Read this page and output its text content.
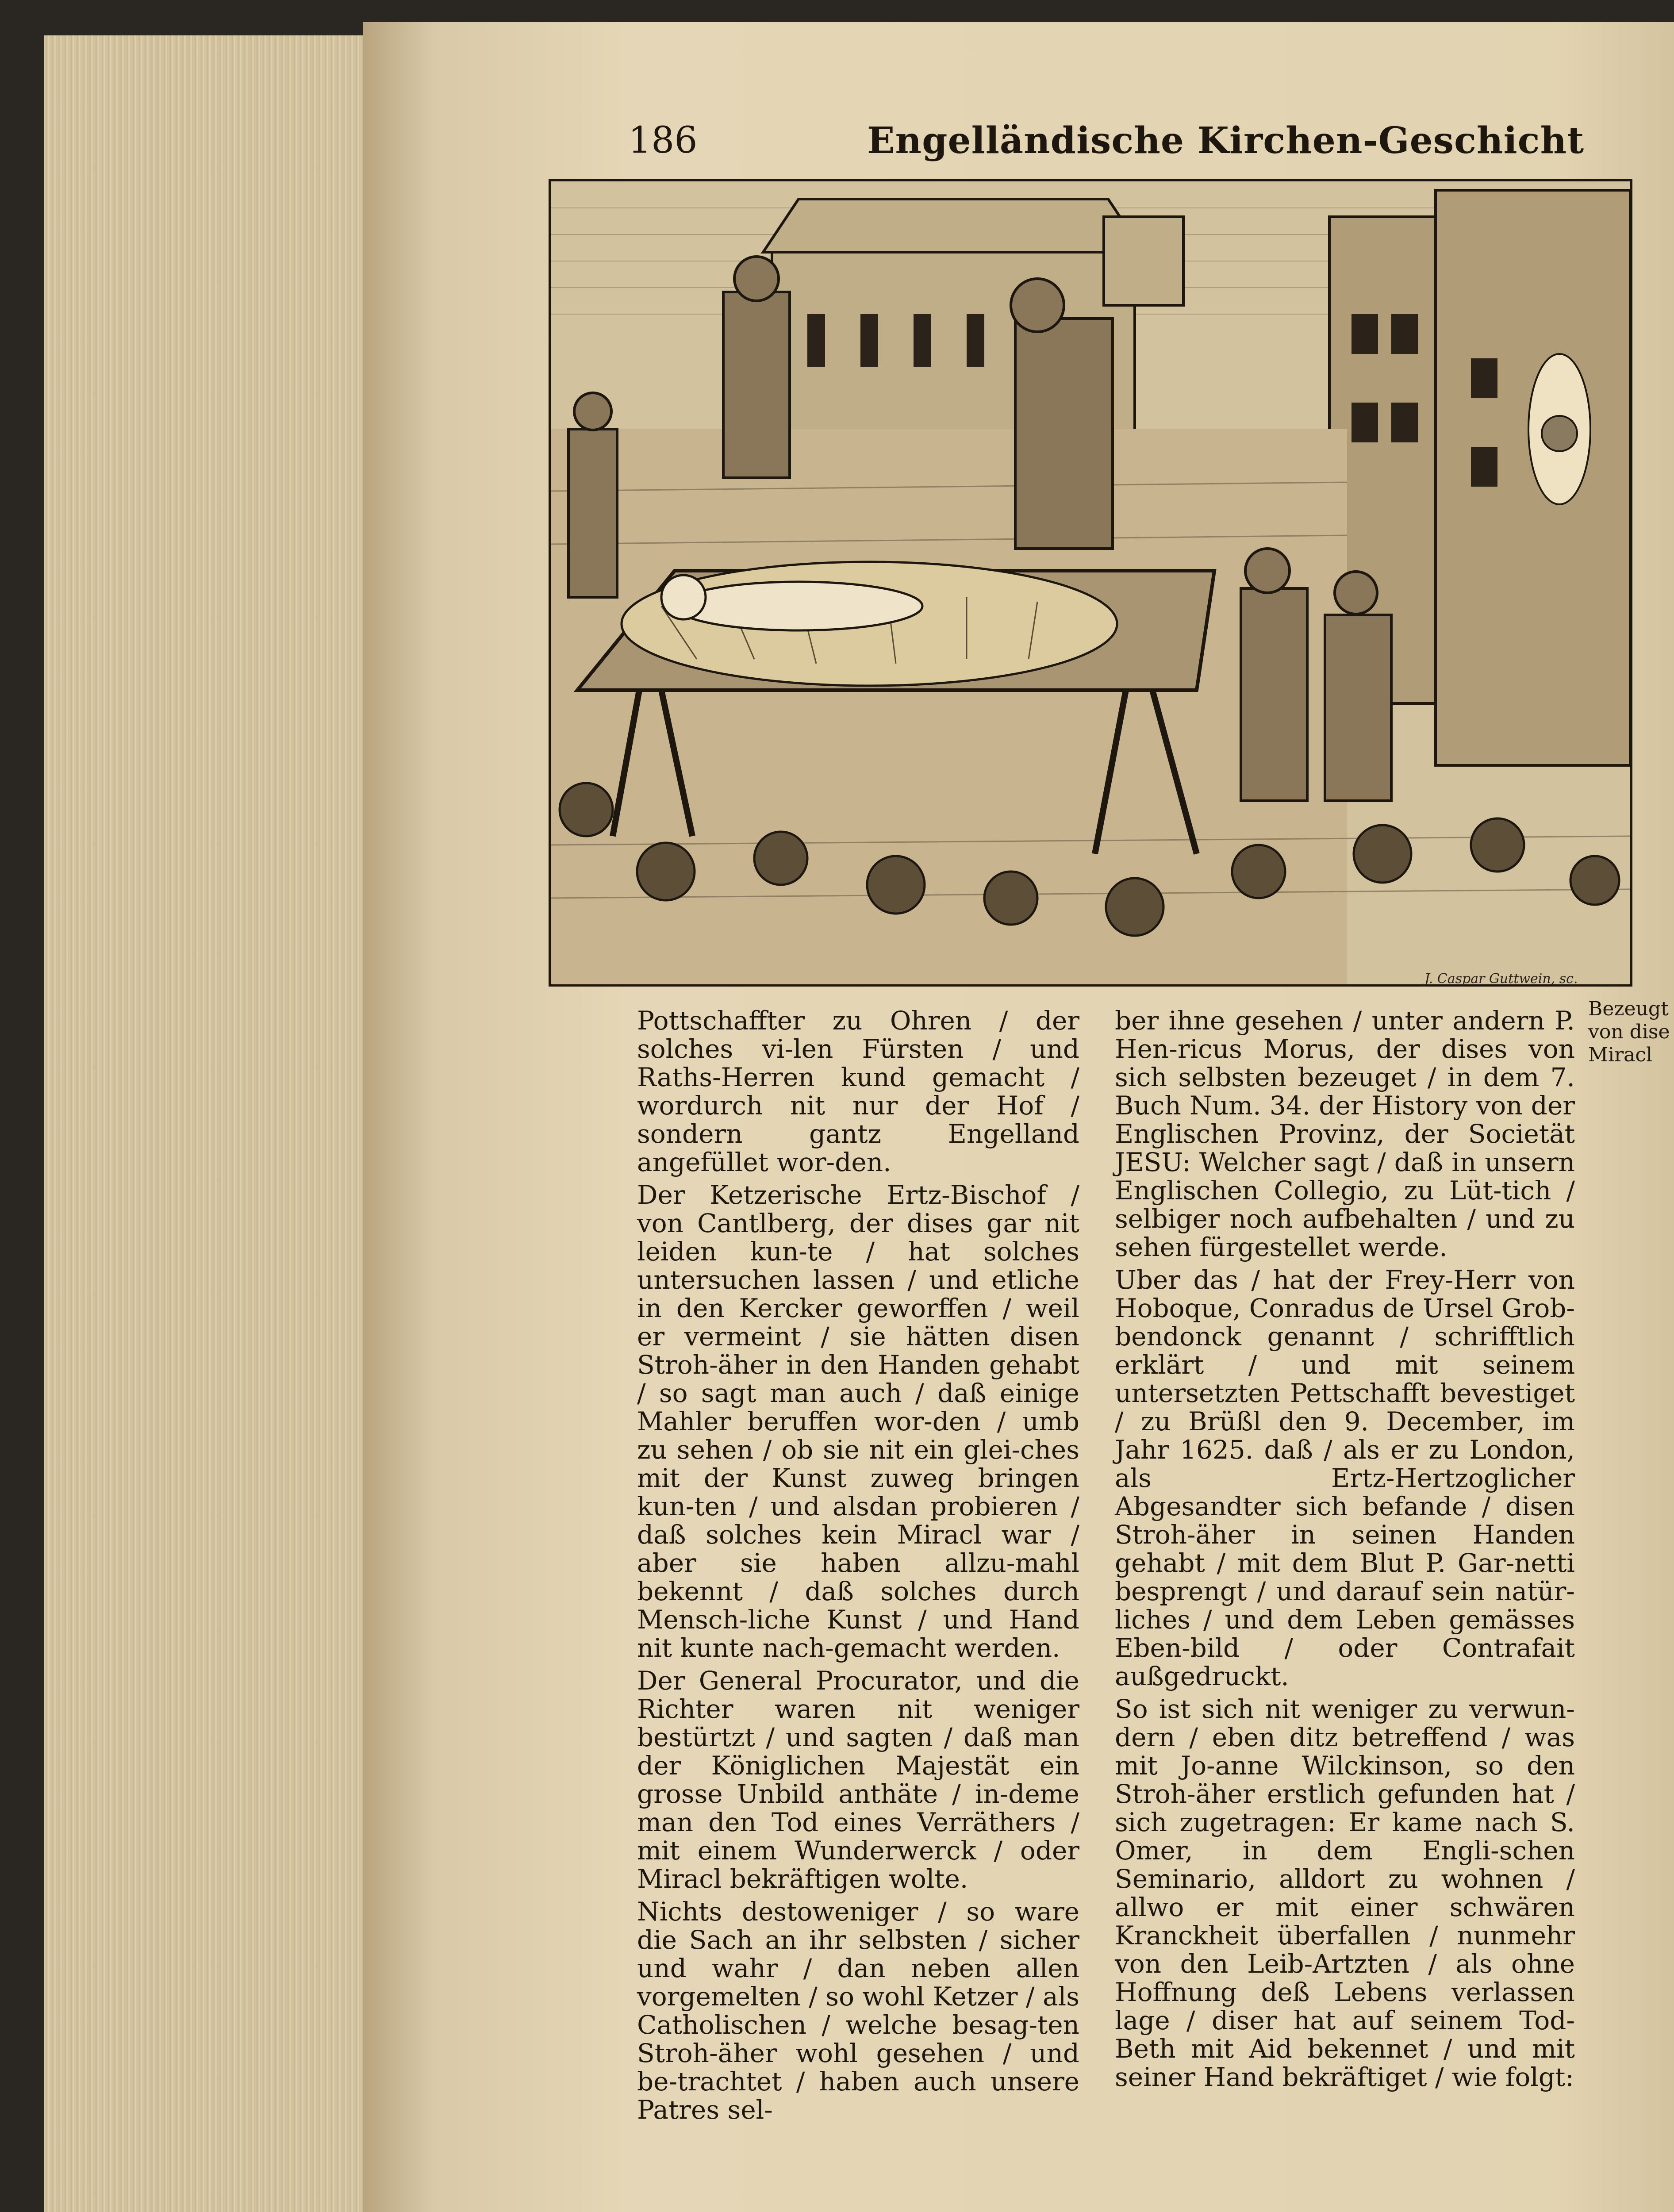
186	Engelländische Kirchen-Geschicht
J. Caspar Guttwein, sc.

Pottschaffter zu Ohren / der solches vi-len Fürsten / und Raths-Herren kund gemacht / wordurch nit nur der Hof / sondern gantz Engelland angefüllet wor-den.

Der Ketzerische Ertz-Bischof / von Cantlberg, der dises gar nit leiden kun-te / hat solches untersuchen lassen / und etliche in den Kercker geworffen / weil er vermeint / sie hätten disen Stroh-äher in den Handen gehabt / so sagt man auch / daß einige Mahler beruffen wor-den / umb zu sehen / ob sie nit ein glei-ches mit der Kunst zuweg bringen kun-ten / und alsdan probieren / daß solches kein Miracl war / aber sie haben allzu-mahl bekennt / daß solches durch Mensch-liche Kunst / und Hand nit kunte nach-gemacht werden.

Der General Procurator, und die Richter waren nit weniger bestürtzt / und sagten / daß man der Königlichen Majestät ein grosse Unbild anthäte / in-deme man den Tod eines Verräthers / mit einem Wunderwerck / oder Miracl bekräftigen wolte.

Nichts destoweniger / so ware die Sach an ihr selbsten / sicher und wahr / dan neben allen vorgemelten / so wohl Ketzer / als Catholischen / welche besag-ten Stroh-äher wohl gesehen / und be-trachtet / haben auch unsere Patres sel-

ber ihne gesehen / unter andern P. Hen-ricus Morus, der dises von sich selbsten bezeuget / in dem 7. Buch Num. 34. der History von der Englischen Provinz, der Societät JESU: Welcher sagt / daß in unsern Englischen Collegio, zu Lüt-tich / selbiger noch aufbehalten / und zu sehen fürgestellet werde.

Uber das / hat der Frey-Herr von Hoboque, Conradus de Ursel Grob-bendonck genannt / schrifftlich erklärt / und mit seinem untersetzten Pettschafft bevestiget / zu Brüßl den 9. December, im Jahr 1625. daß / als er zu London, als Ertz-Hertzoglicher Abgesandter sich befande / disen Stroh-äher in seinen Handen gehabt / mit dem Blut P. Gar-netti besprengt / und darauf sein natür-liches / und dem Leben gemässes Eben-bild / oder Contrafait außgedruckt.

So ist sich nit weniger zu verwun-dern / eben ditz betreffend / was mit Jo-anne Wilckinson, so den Stroh-äher erstlich gefunden hat / sich zugetragen: Er kame nach S. Omer, in dem Engli-schen Seminario, alldort zu wohnen / allwo er mit einer schwären Kranckheit überfallen / nunmehr von den Leib-Artzten / als ohne Hoffnung deß Lebens verlassen lage / diser hat auf seinem Tod-Beth mit Aid bekennet / und mit seiner Hand bekräftiget / wie folgt:

Bezeugt von dise Miracl
